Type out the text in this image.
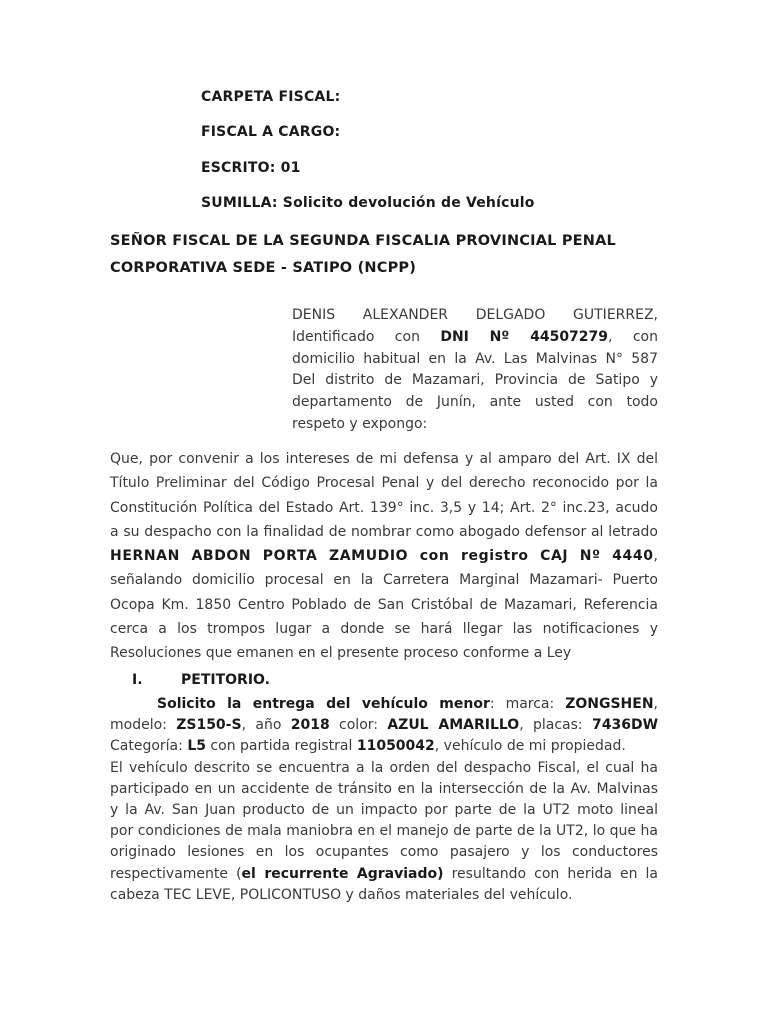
CARPETA FISCAL:
FISCAL A CARGO:
ESCRITO: 01
SUMILLA: Solicito devolución de Vehículo
SEÑOR FISCAL DE LA SEGUNDA FISCALIA PROVINCIAL PENAL
CORPORATIVA SEDE - SATIPO (NCPP)
DENIS ALEXANDER DELGADO GUTIERREZ,
Identificado con DNI Nº 44507279, con
domicilio habitual en la Av. Las Malvinas N° 587
Del distrito de Mazamari, Provincia de Satipo y
departamento de Junín, ante usted con todo
respeto y expongo:
Que, por convenir a los intereses de mi defensa y al amparo del Art. IX del
Título Preliminar del Código Procesal Penal y del derecho reconocido por la
Constitución Política del Estado Art. 139° inc. 3,5 y 14; Art. 2° inc.23, acudo
a su despacho con la finalidad de nombrar como abogado defensor al letrado
HERNAN ABDON PORTA ZAMUDIO con registro CAJ Nº 4440,
señalando domicilio procesal en la Carretera Marginal Mazamari- Puerto
Ocopa Km. 1850 Centro Poblado de San Cristóbal de Mazamari, Referencia
cerca a los trompos lugar a donde se hará llegar las notificaciones y
Resoluciones que emanen en el presente proceso conforme a Ley
I.	PETITORIO.
Solicito la entrega del vehículo menor: marca: ZONGSHEN,
modelo: ZS150-S, año 2018 color: AZUL AMARILLO, placas: 7436DW
Categoría: L5 con partida registral 11050042, vehículo de mi propiedad.
El vehículo descrito se encuentra a la orden del despacho Fiscal, el cual ha
participado en un accidente de tránsito en la intersección de la Av. Malvinas
y la Av. San Juan producto de un impacto por parte de la UT2 moto lineal
por condiciones de mala maniobra en el manejo de parte de la UT2, lo que ha
originado lesiones en los ocupantes como pasajero y los conductores
respectivamente (el recurrente Agraviado) resultando con herida en la
cabeza TEC LEVE, POLICONTUSO y daños materiales del vehículo.
